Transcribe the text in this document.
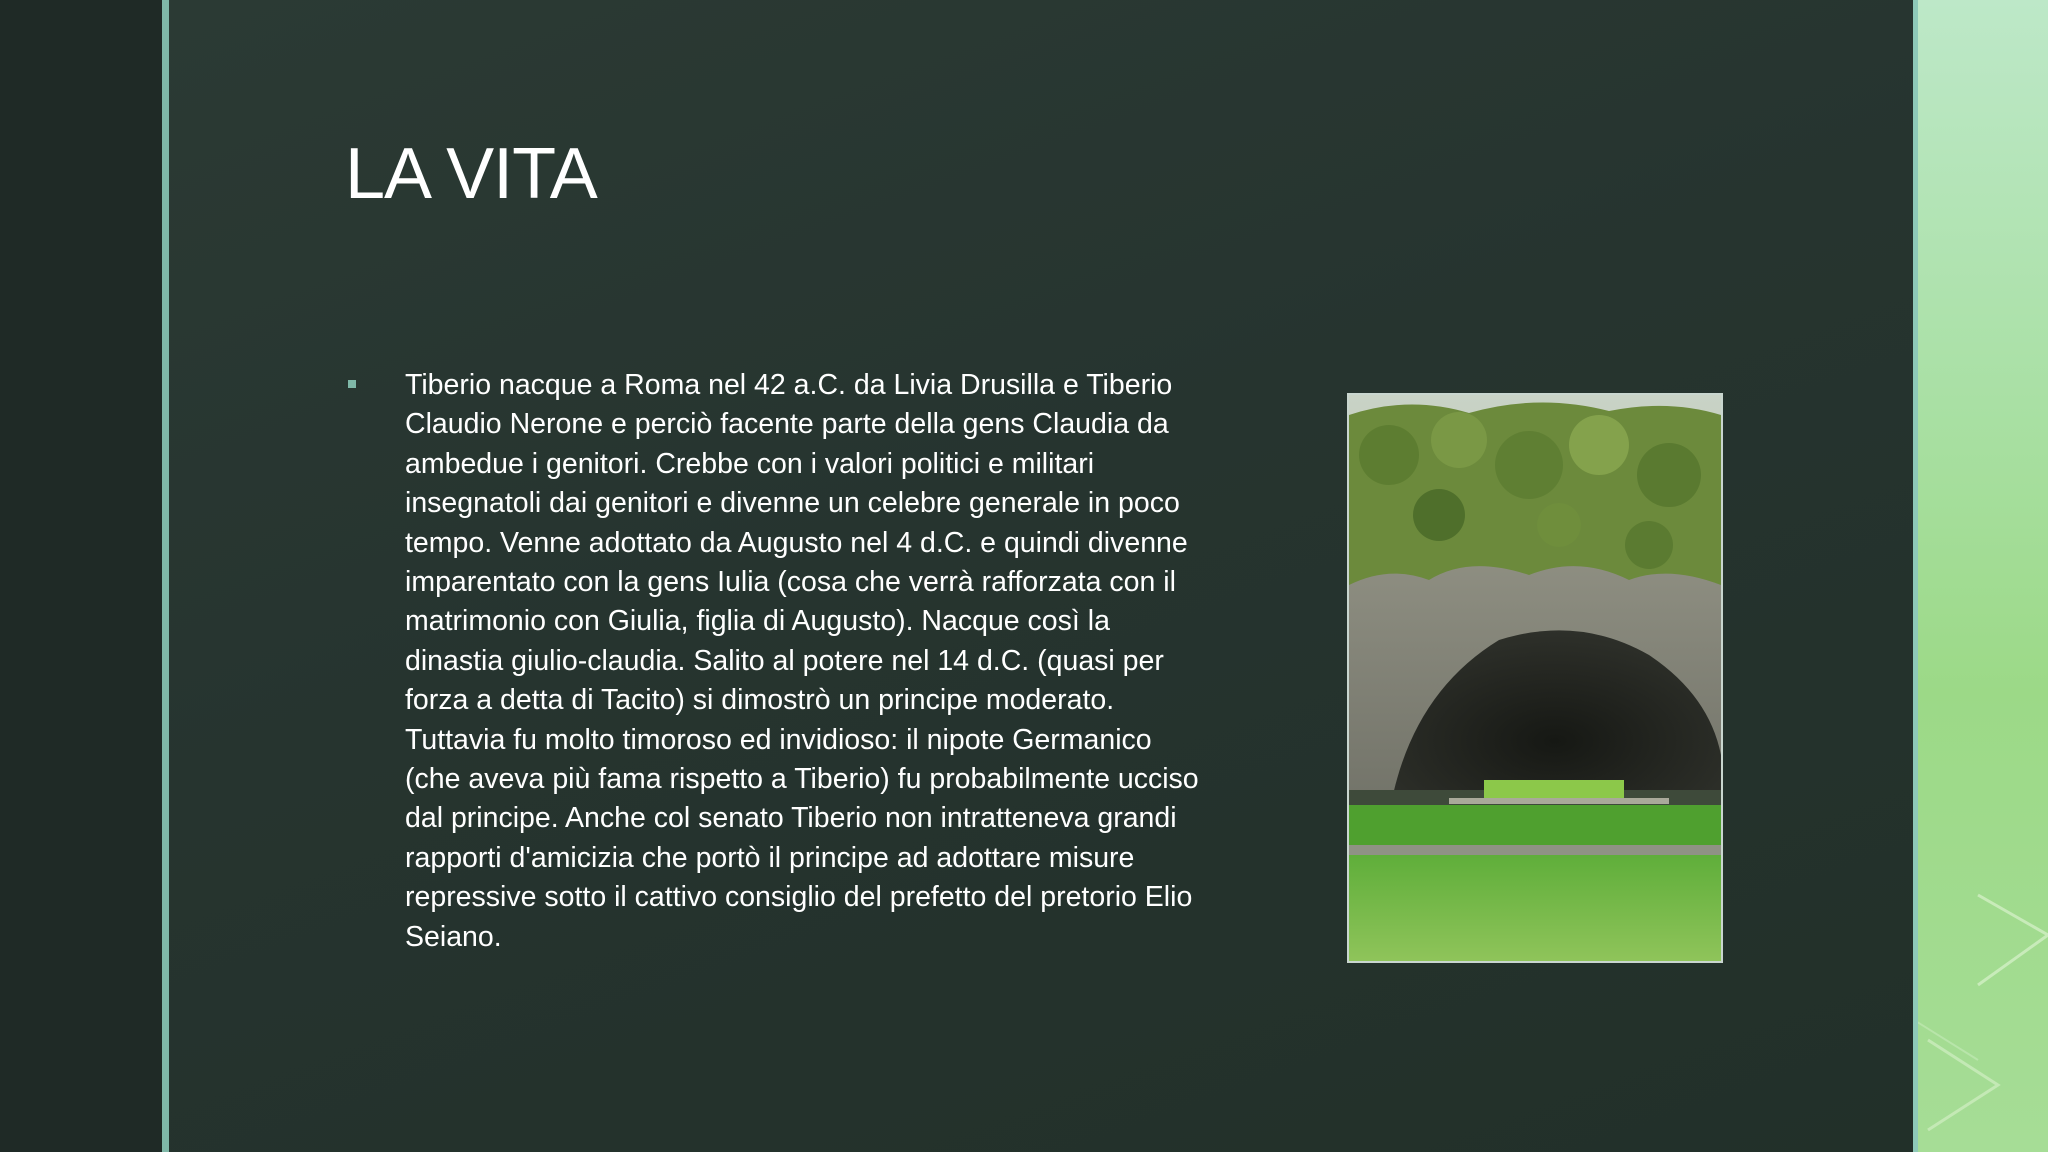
LA VITA

Tiberio nacque a Roma nel 42 a.C. da Livia Drusilla e Tiberio Claudio Nerone e perciò facente parte della gens Claudia da ambedue i genitori. Crebbe con i valori politici e militari insegnatoli dai genitori e divenne un celebre generale in poco tempo. Venne adottato da Augusto nel 4 d.C. e quindi divenne imparentato con la gens Iulia (cosa che verrà rafforzata con il matrimonio con Giulia, figlia di Augusto). Nacque così la dinastia giulio-claudia. Salito al potere nel 14 d.C. (quasi per forza a detta di Tacito) si dimostrò un principe moderato. Tuttavia fu molto timoroso ed invidioso: il nipote Germanico (che aveva più fama rispetto a Tiberio) fu probabilmente ucciso dal principe. Anche col senato Tiberio non intratteneva grandi rapporti d'amicizia che portò il principe ad adottare misure repressive sotto il cattivo consiglio del prefetto del pretorio Elio Seiano.
